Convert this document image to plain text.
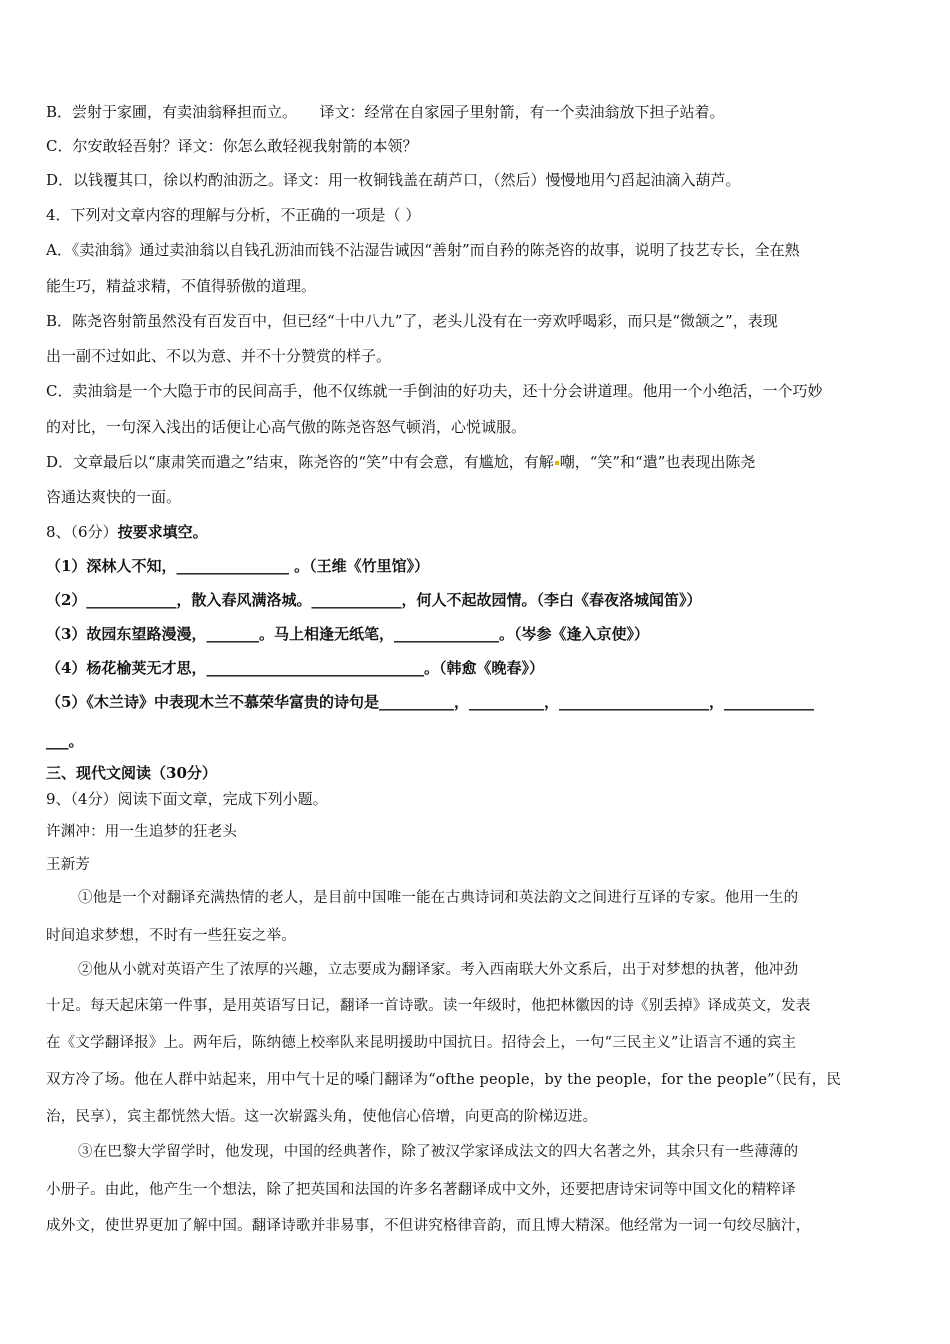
B．尝射于家圃，有卖油翁释担而立。　　译文：经常在自家园子里射箭，有一个卖油翁放下担子站着。
C．尔安敢轻吾射？译文：你怎么敢轻视我射箭的本领？
D．以钱覆其口，徐以杓酌油沥之。译文：用一枚铜钱盖在葫芦口，（然后）慢慢地用勺舀起油滴入葫芦。
4．下列对文章内容的理解与分析，不正确的一项是（ ）
A．《卖油翁》通过卖油翁以自钱孔沥油而钱不沾湿告诫因“善射”而自矜的陈尧咨的故事，说明了技艺专长，全在熟
能生巧，精益求精，不值得骄傲的道理。
B．陈尧咨射箭虽然没有百发百中，但已经“十中八九”了，老头儿没有在一旁欢呼喝彩，而只是“微颔之”，表现
出一副不过如此、不以为意、并不十分赞赏的样子。
C．卖油翁是一个大隐于市的民间高手，他不仅练就一手倒油的好功夫，还十分会讲道理。他用一个小绝活，一个巧妙
的对比，一句深入浅出的话便让心高气傲的陈尧咨怒气顿消，心悦诚服。
D．文章最后以“康肃笑而遣之”结束，陈尧咨的“笑”中有会意，有尴尬，有解 嘲，“笑”和“遣”也表现出陈尧
咨通达爽快的一面。
8、（6分）按要求填空。
（1）深林人不知，_______________ 。（王维《竹里馆》）
（2）____________，散入春风满洛城。____________，何人不起故园情。（李白《春夜洛城闻笛》）
（3）故园东望路漫漫，_______。马上相逢无纸笔，______________。（岑参《逢入京使》）
（4）杨花榆荚无才思，_____________________________。（韩愈《晚春》）
（5）《木兰诗》中表现木兰不慕荣华富贵的诗句是__________，__________，____________________，____________
___。
三、现代文阅读（30分）
9、（4分）阅读下面文章，完成下列小题。
许渊冲：用一生追梦的狂老头
王新芳
①他是一个对翻译充满热情的老人，是目前中国唯一能在古典诗词和英法韵文之间进行互译的专家。他用一生的
时间追求梦想，不时有一些狂妄之举。
②他从小就对英语产生了浓厚的兴趣，立志要成为翻译家。考入西南联大外文系后，出于对梦想的执著，他冲劲
十足。每天起床第一件事，是用英语写日记，翻译一首诗歌。读一年级时，他把林徽因的诗《别丢掉》译成英文，发表
在《文学翻译报》上。两年后，陈纳德上校率队来昆明援助中国抗日。招待会上，一句“三民主义”让语言不通的宾主
双方冷了场。他在人群中站起来，用中气十足的嗓门翻译为“ofthe people，by the people，for the people”（民有，民
治，民享），宾主都恍然大悟。这一次崭露头角，使他信心倍增，向更高的阶梯迈进。
③在巴黎大学留学时，他发现，中国的经典著作，除了被汉学家译成法文的四大名著之外，其余只有一些薄薄的
小册子。由此，他产生一个想法，除了把英国和法国的许多名著翻译成中文外，还要把唐诗宋词等中国文化的精粹译
成外文，使世界更加了解中国。翻译诗歌并非易事，不但讲究格律音韵，而且博大精深。他经常为一词一句绞尽脑汁，
